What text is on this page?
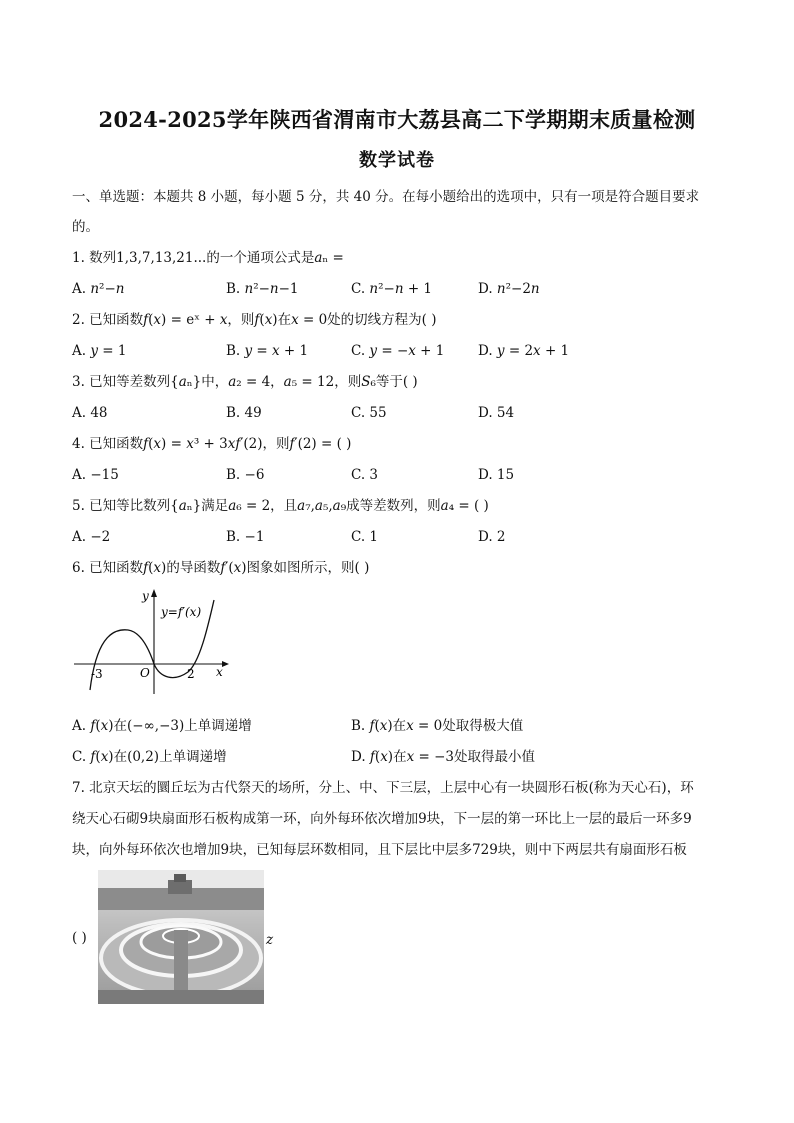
2024-2025学年陕西省渭南市大荔县高二下学期期末质量检测
数学试卷
一、单选题：本题共 8 小题，每小题 5 分，共 40 分。在每小题给出的选项中，只有一项是符合题目要求
的。
1. 数列1,3,7,13,21...的一个通项公式是𝑎ₙ =
A. 𝑛²−𝑛	B. 𝑛²−𝑛−1	C. 𝑛²−𝑛 + 1	D. 𝑛²−2𝑛
2. 已知函数𝑓(𝑥) = eˣ + 𝑥，则𝑓(𝑥)在𝑥 = 0处的切线方程为( )
A. 𝑦 = 1	B. 𝑦 = 𝑥 + 1	C. 𝑦 = −𝑥 + 1 D. 𝑦 = 2𝑥 + 1
3. 已知等差数列{𝑎ₙ}中，𝑎₂ = 4，𝑎₅ = 12，则𝑆₆等于( )
A. 48	B. 49	C. 55	D. 54
4. 已知函数𝑓(𝑥) = 𝑥³ + 3𝑥𝑓′(2)，则𝑓′(2) = ( )
A. −15	B. −6	C. 3	D. 15
5. 已知等比数列{𝑎ₙ}满足𝑎₆ = 2，且𝑎₇,𝑎₅,𝑎₉成等差数列，则𝑎₄ = ( )
A. −2	B. −1	C. 1	D. 2
6. 已知函数𝑓(𝑥)的导函数𝑓′(𝑥)图象如图所示，则( )
y=f′(x)
y
x
O
-3	2
A. 𝑓(𝑥)在(−∞,−3)上单调递增	B. 𝑓(𝑥)在𝑥 = 0处取得极大值
C. 𝑓(𝑥)在(0,2)上单调递增	D. 𝑓(𝑥)在𝑥 = −3处取得最小值
7. 北京天坛的圜丘坛为古代祭天的场所，分上、中、下三层，上层中心有一块圆形石板(称为天心石)，环
绕天心石砌9块扇面形石板构成第一环，向外每环依次增加9块，下一层的第一环比上一层的最后一环多9
块，向外每环依次也增加9块，已知每层环数相同，且下层比中层多729块，则中下两层共有扇面形石板
( )	z
